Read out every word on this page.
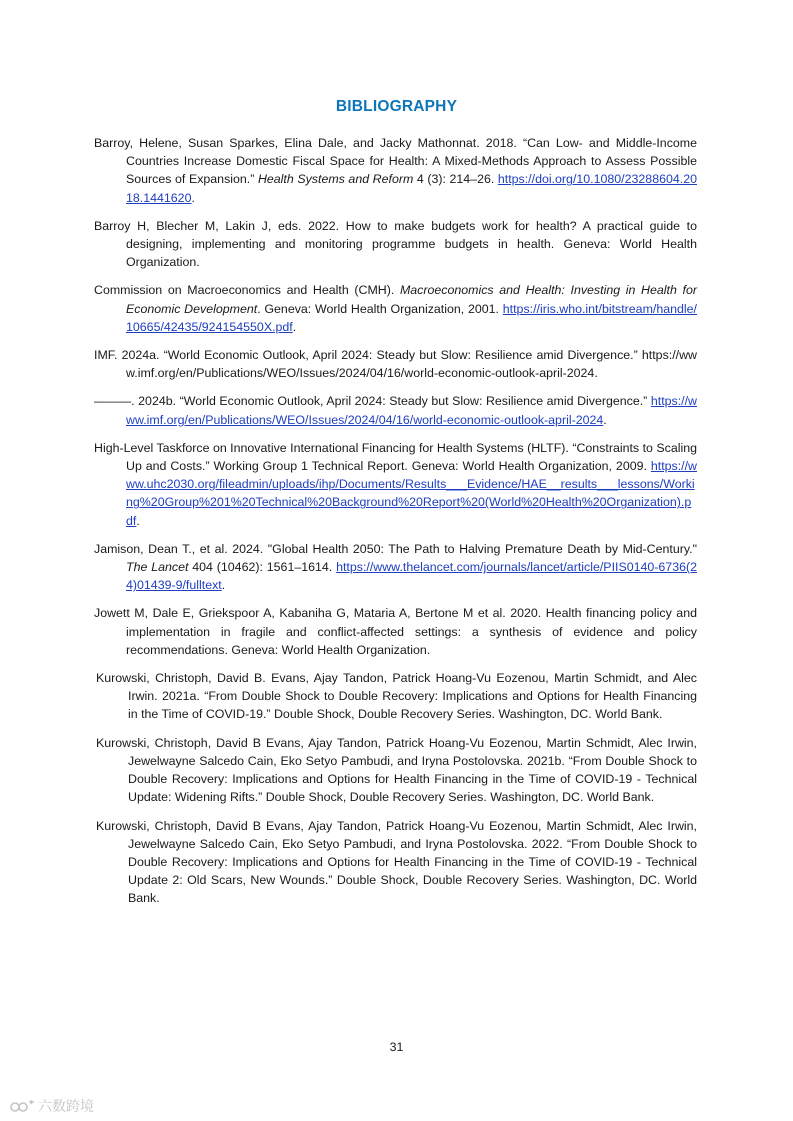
BIBLIOGRAPHY

Barroy, Helene, Susan Sparkes, Elina Dale, and Jacky Mathonnat. 2018. “Can Low- and Middle-Income Countries Increase Domestic Fiscal Space for Health: A Mixed-Methods Approach to Assess Possible Sources of Expansion.” Health Systems and Reform 4 (3): 214–26. https://doi.org/10.1080/23288604.2018.1441620.

Barroy H, Blecher M, Lakin J, eds. 2022. How to make budgets work for health? A practical guide to designing, implementing and monitoring programme budgets in health. Geneva: World Health Organization.

Commission on Macroeconomics and Health (CMH). Macroeconomics and Health: Investing in Health for Economic Development. Geneva: World Health Organization, 2001. https://iris.who.int/bitstream/handle/10665/42435/924154550X.pdf.

IMF. 2024a. “World Economic Outlook, April 2024: Steady but Slow: Resilience amid Divergence.” https://www.imf.org/en/Publications/WEO/Issues/2024/04/16/world-economic-outlook-april-2024.

———. 2024b. “World Economic Outlook, April 2024: Steady but Slow: Resilience amid Divergence.” https://www.imf.org/en/Publications/WEO/Issues/2024/04/16/world-economic-outlook-april-2024.

High-Level Taskforce on Innovative International Financing for Health Systems (HLTF). “Constraints to Scaling Up and Costs.” Working Group 1 Technical Report. Geneva: World Health Organization, 2009. https://www.uhc2030.org/fileadmin/uploads/ihp/Documents/Results___Evidence/HAE__results___lessons/Working%20Group%201%20Technical%20Background%20Report%20(World%20Health%20Organization).pdf.

Jamison, Dean T., et al. 2024. "Global Health 2050: The Path to Halving Premature Death by Mid-Century." The Lancet 404 (10462): 1561–1614. https://www.thelancet.com/journals/lancet/article/PIIS0140-6736(24)01439-9/fulltext.

Jowett M, Dale E, Griekspoor A, Kabaniha G, Mataria A, Bertone M et al. 2020. Health financing policy and implementation in fragile and conflict-affected settings: a synthesis of evidence and policy recommendations. Geneva: World Health Organization.

Kurowski, Christoph, David B. Evans, Ajay Tandon, Patrick Hoang-Vu Eozenou, Martin Schmidt, and Alec Irwin. 2021a. “From Double Shock to Double Recovery: Implications and Options for Health Financing in the Time of COVID-19.” Double Shock, Double Recovery Series. Washington, DC. World Bank.

Kurowski, Christoph, David B Evans, Ajay Tandon, Patrick Hoang-Vu Eozenou, Martin Schmidt, Alec Irwin, Jewelwayne Salcedo Cain, Eko Setyo Pambudi, and Iryna Postolovska. 2021b. “From Double Shock to Double Recovery: Implications and Options for Health Financing in the Time of COVID-19 - Technical Update: Widening Rifts.” Double Shock, Double Recovery Series. Washington, DC. World Bank.

Kurowski, Christoph, David B Evans, Ajay Tandon, Patrick Hoang-Vu Eozenou, Martin Schmidt, Alec Irwin, Jewelwayne Salcedo Cain, Eko Setyo Pambudi, and Iryna Postolovska. 2022. “From Double Shock to Double Recovery: Implications and Options for Health Financing in the Time of COVID-19 - Technical Update 2: Old Scars, New Wounds.” Double Shock, Double Recovery Series. Washington, DC. World Bank.

31
六数跨境
